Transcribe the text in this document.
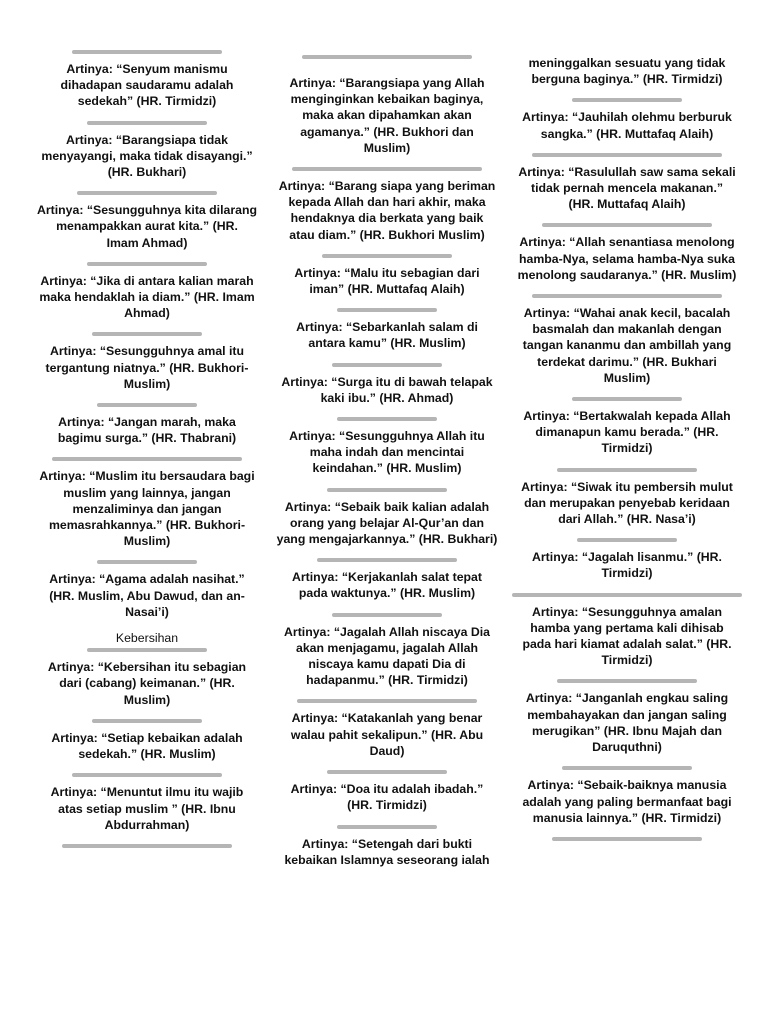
Artinya: “Senyum manismu
dihadapan saudaramu adalah
sedekah” (HR. Tirmidzi)

Artinya: “Barangsiapa tidak
menyayangi, maka tidak disayangi.”
(HR. Bukhari)

Artinya: “Sesungguhnya kita dilarang
menampakkan aurat kita.” (HR.
Imam Ahmad)

Artinya: “Jika di antara kalian marah
maka hendaklah ia diam.” (HR. Imam
Ahmad)

Artinya: “Sesungguhnya amal itu
tergantung niatnya.” (HR. Bukhori-
Muslim)

Artinya: “Jangan marah, maka
bagimu surga.” (HR. Thabrani)

Artinya: “Muslim itu bersaudara bagi
muslim yang lainnya, jangan
menzaliminya dan jangan
memasrahkannya.” (HR. Bukhori-
Muslim)

Artinya: “Agama adalah nasihat.”
(HR. Muslim, Abu Dawud, dan an-
Nasai’i)

Kebersihan

Artinya: “Kebersihan itu sebagian
dari (cabang) keimanan.” (HR.
Muslim)

Artinya: “Setiap kebaikan adalah
sedekah.” (HR. Muslim)

Artinya: “Menuntut ilmu itu wajib
atas setiap muslim ” (HR. Ibnu
Abdurrahman)

Artinya: “Barangsiapa yang Allah
menginginkan kebaikan baginya,
maka akan dipahamkan akan
agamanya.” (HR. Bukhori dan
Muslim)

Artinya: “Barang siapa yang beriman
kepada Allah dan hari akhir, maka
hendaknya dia berkata yang baik
atau diam.” (HR. Bukhori Muslim)

Artinya: “Malu itu sebagian dari
iman” (HR. Muttafaq Alaih)

Artinya: “Sebarkanlah salam di
antara kamu” (HR. Muslim)

Artinya: “Surga itu di bawah telapak
kaki ibu.” (HR. Ahmad)

Artinya: “Sesungguhnya Allah itu
maha indah dan mencintai
keindahan.” (HR. Muslim)

Artinya: “Sebaik baik kalian adalah
orang yang belajar Al-Qur’an dan
yang mengajarkannya.” (HR. Bukhari)

Artinya: “Kerjakanlah salat tepat
pada waktunya.” (HR. Muslim)

Artinya: “Jagalah Allah niscaya Dia
akan menjagamu, jagalah Allah
niscaya kamu dapati Dia di
hadapanmu.” (HR. Tirmidzi)

Artinya: “Katakanlah yang benar
walau pahit sekalipun.” (HR. Abu
Daud)

Artinya: “Doa itu adalah ibadah.”
(HR. Tirmidzi)

Artinya: “Setengah dari bukti
kebaikan Islamnya seseorang ialah

meninggalkan sesuatu yang tidak
berguna baginya.” (HR. Tirmidzi)

Artinya: “Jauhilah olehmu berburuk
sangka.” (HR. Muttafaq Alaih)

Artinya: “Rasulullah saw sama sekali
tidak pernah mencela makanan.”
(HR. Muttafaq Alaih)

Artinya: “Allah senantiasa menolong
hamba-Nya, selama hamba-Nya suka
menolong saudaranya.” (HR. Muslim)

Artinya: “Wahai anak kecil, bacalah
basmalah dan makanlah dengan
tangan kananmu dan ambillah yang
terdekat darimu.” (HR. Bukhari
Muslim)

Artinya: “Bertakwalah kepada Allah
dimanapun kamu berada.” (HR.
Tirmidzi)

Artinya: “Siwak itu pembersih mulut
dan merupakan penyebab keridaan
dari Allah.” (HR. Nasa’i)

Artinya: “Jagalah lisanmu.” (HR.
Tirmidzi)

Artinya: “Sesungguhnya amalan
hamba yang pertama kali dihisab
pada hari kiamat adalah salat.” (HR.
Tirmidzi)

Artinya: “Janganlah engkau saling
membahayakan dan jangan saling
merugikan” (HR. Ibnu Majah dan
Daruquthni)

Artinya: “Sebaik-baiknya manusia
adalah yang paling bermanfaat bagi
manusia lainnya.” (HR. Tirmidzi)
